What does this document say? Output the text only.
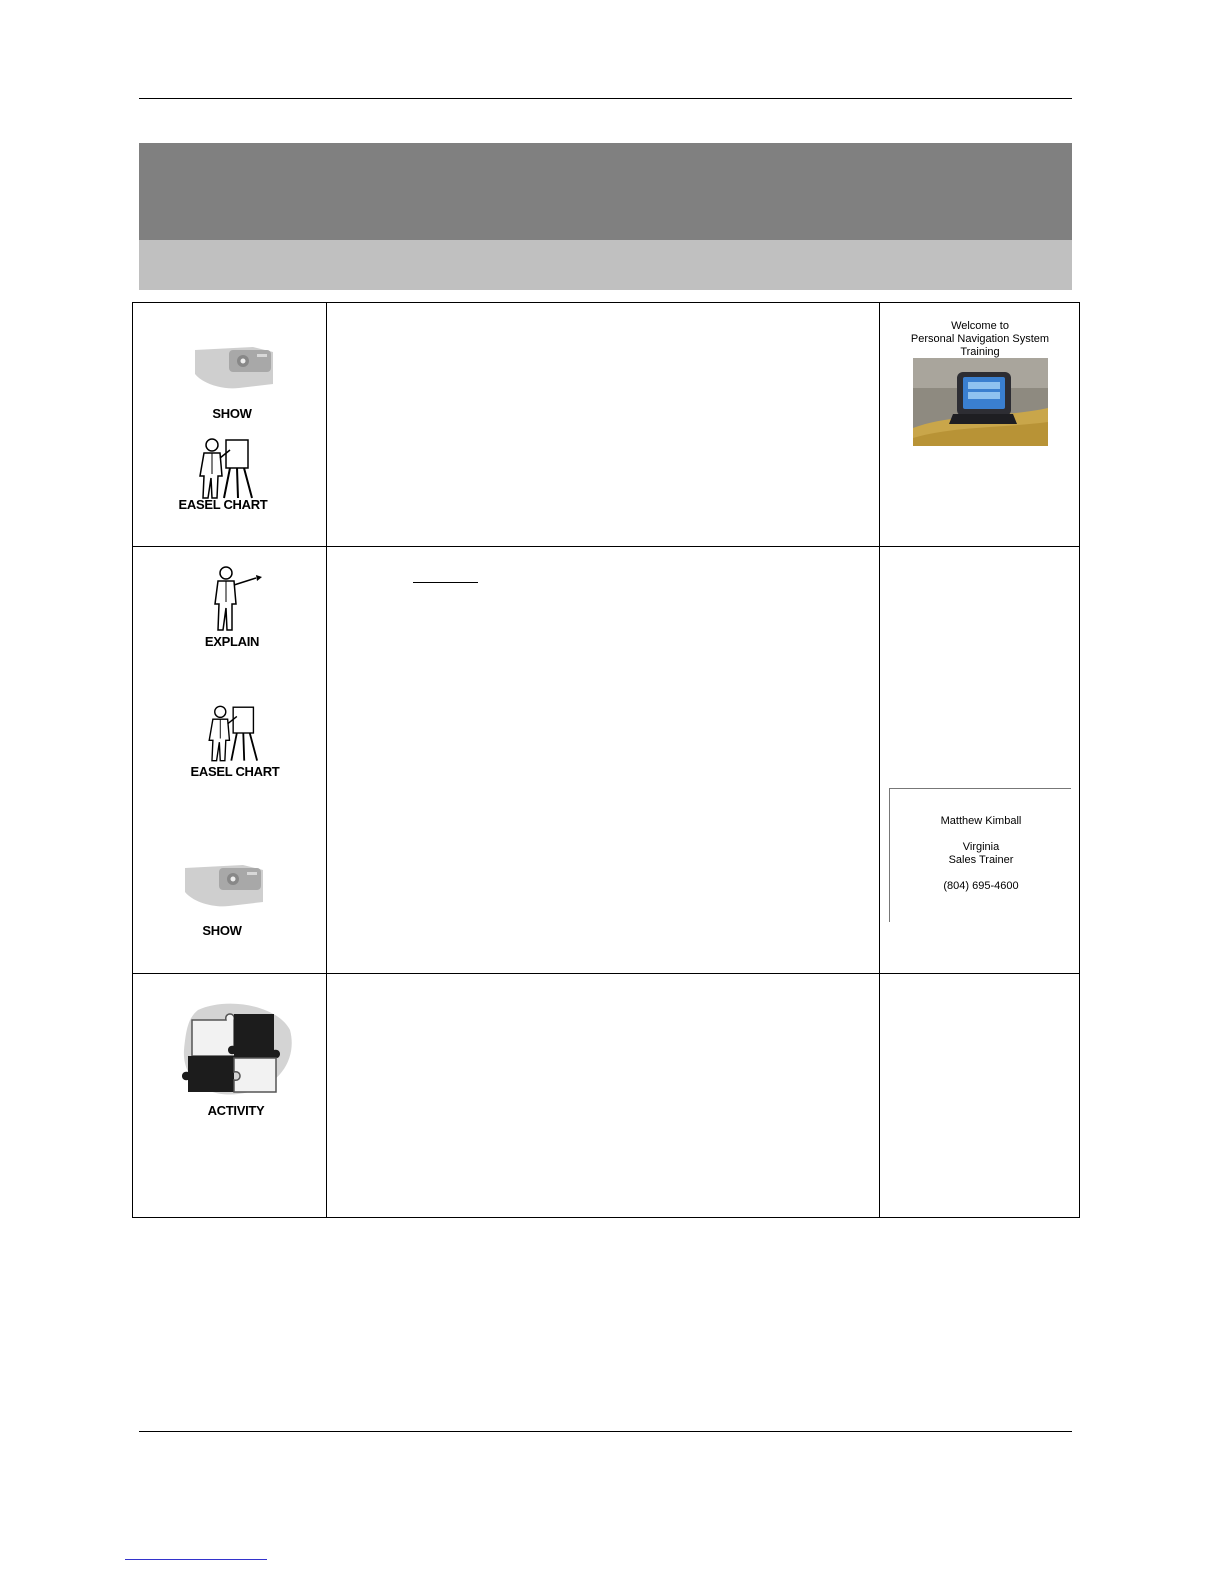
SHOW
EASEL CHART
Welcome to
Personal Navigation System
Training
EXPLAIN
EASEL CHART
SHOW
Matthew Kimball
Virginia
Sales Trainer
(804) 695-4600
ACTIVITY
